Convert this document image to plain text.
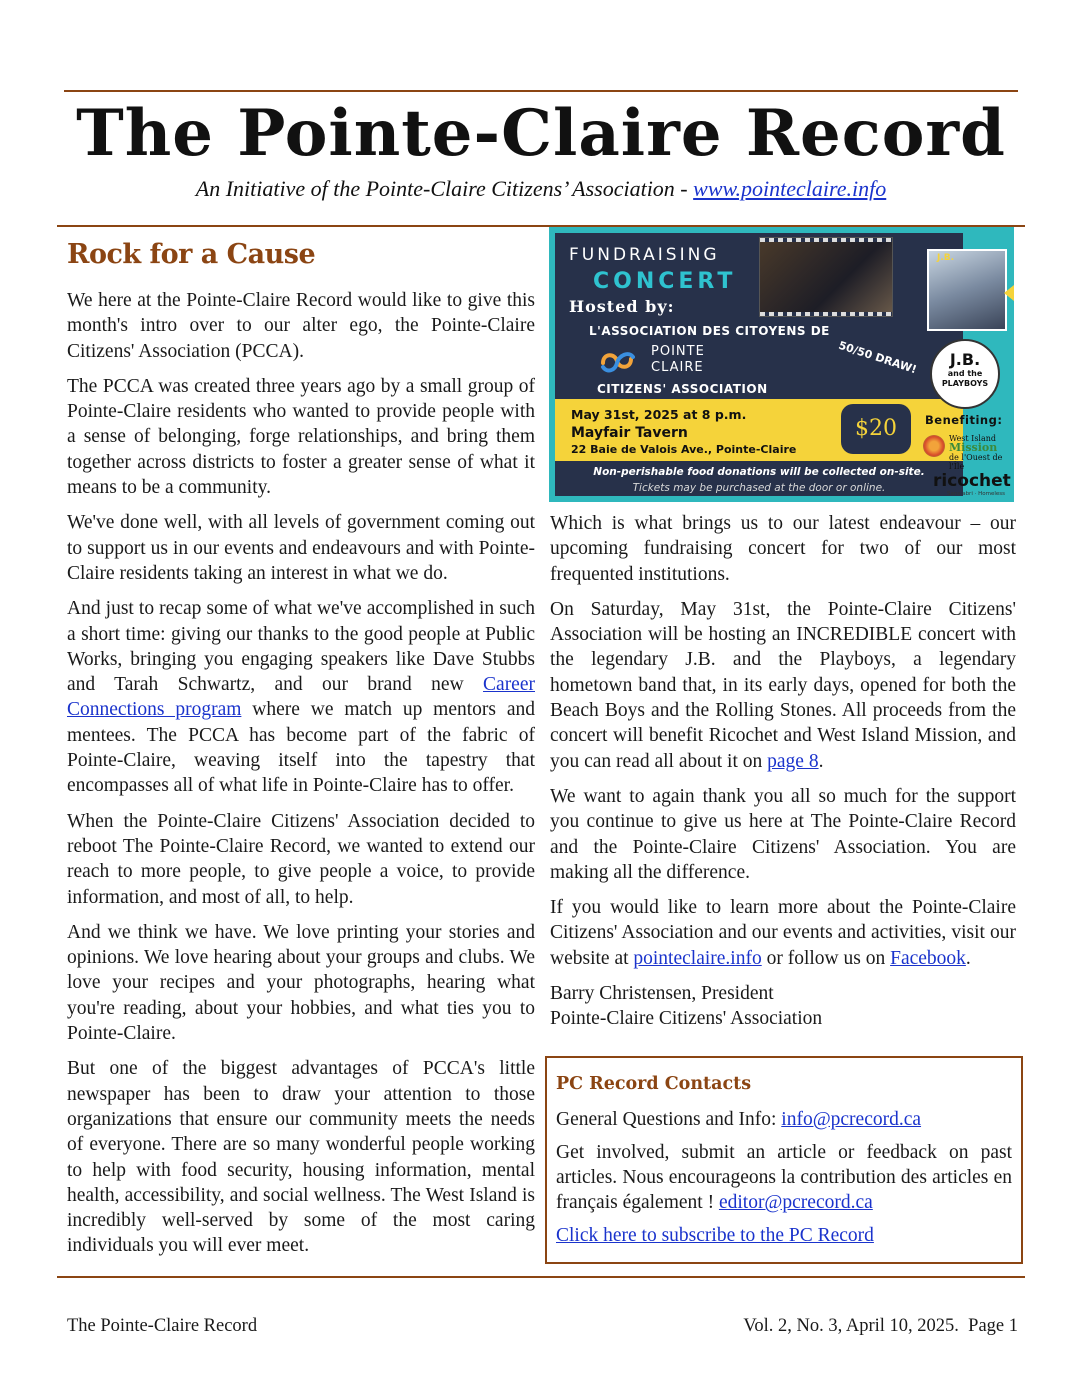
The Pointe-Claire Record
An Initiative of the Pointe-Claire Citizens’ Association - www.pointeclaire.info
Rock for a Cause

We here at the Pointe-Claire Record would like to give this month's intro over to our alter ego, the Pointe-Claire Citizens' Association (PCCA).

The PCCA was created three years ago by a small group of Pointe-Claire residents who wanted to provide people with a sense of belonging, forge relationships, and bring them together across districts to foster a greater sense of what it means to be a community.

We've done well, with all levels of government coming out to support us in our events and endeavours and with Pointe-Claire residents taking an interest in what we do.

And just to recap some of what we've accomplished in such a short time: giving our thanks to the good people at Public Works, bringing you engaging speakers like Dave Stubbs and Tarah Schwartz, and our brand new Career Connections program where we match up mentors and mentees. The PCCA has become part of the fabric of Pointe-Claire, weaving itself into the tapestry that encompasses all of what life in Pointe-Claire has to offer.

When the Pointe-Claire Citizens' Association decided to reboot The Pointe-Claire Record, we wanted to extend our reach to more people, to give people a voice, to provide information, and most of all, to help.

And we think we have. We love printing your stories and opinions. We love hearing about your groups and clubs. We love your recipes and your photographs, hearing what you're reading, about your hobbies, and what ties you to Pointe-Claire.

But one of the biggest advantages of PCCA's little newspaper has been to draw your attention to those organizations that ensure our community meets the needs of everyone. There are so many wonderful people working to help with food security, housing information, mental health, accessibility, and social wellness. The West Island is incredibly well-served by some of the most caring individuals you will ever meet.

FUNDRAISING
CONCERT
Hosted by:
L'ASSOCIATION DES CITOYENS DE
POINTE
CLAIRE
CITIZENS' ASSOCIATION
50/50 DRAW!
May 31st, 2025 at 8 p.m.
Mayfair Tavern
22 Baie de Valois Ave., Pointe-Claire
$20
Non-perishable food donations will be collected on-site.
Tickets may be purchased at the door or online.
J.B.
J.B.
and the
PLAYBOYS
Benefiting:
West Island
Mission
de l'Ouest de l'Île
ricochet
Sans-abri · Homeless

Which is what brings us to our latest endeavour – our upcoming fundraising concert for two of our most frequented institutions.

On Saturday, May 31st, the Pointe-Claire Citizens' Association will be hosting an INCREDIBLE concert with the legendary J.B. and the Playboys, a legendary hometown band that, in its early days, opened for both the Beach Boys and the Rolling Stones. All proceeds from the concert will benefit Ricochet and West Island Mission, and you can read all about it on page 8.

We want to again thank you all so much for the support you continue to give us here at The Pointe-Claire Record and the Pointe-Claire Citizens' Association. You are making all the difference.

If you would like to learn more about the Pointe-Claire Citizens' Association and our events and activities, visit our website at pointeclaire.info or follow us on Facebook.

Barry Christensen, President

Pointe-Claire Citizens' Association

PC Record Contacts

General Questions and Info: info@pcrecord.ca

Get involved, submit an article or feedback on past articles. Nous encourageons la contribution des articles en français également ! editor@pcrecord.ca

Click here to subscribe to the PC Record

The Pointe-Claire Record	Vol. 2, No. 3, April 10, 2025.  Page 1
